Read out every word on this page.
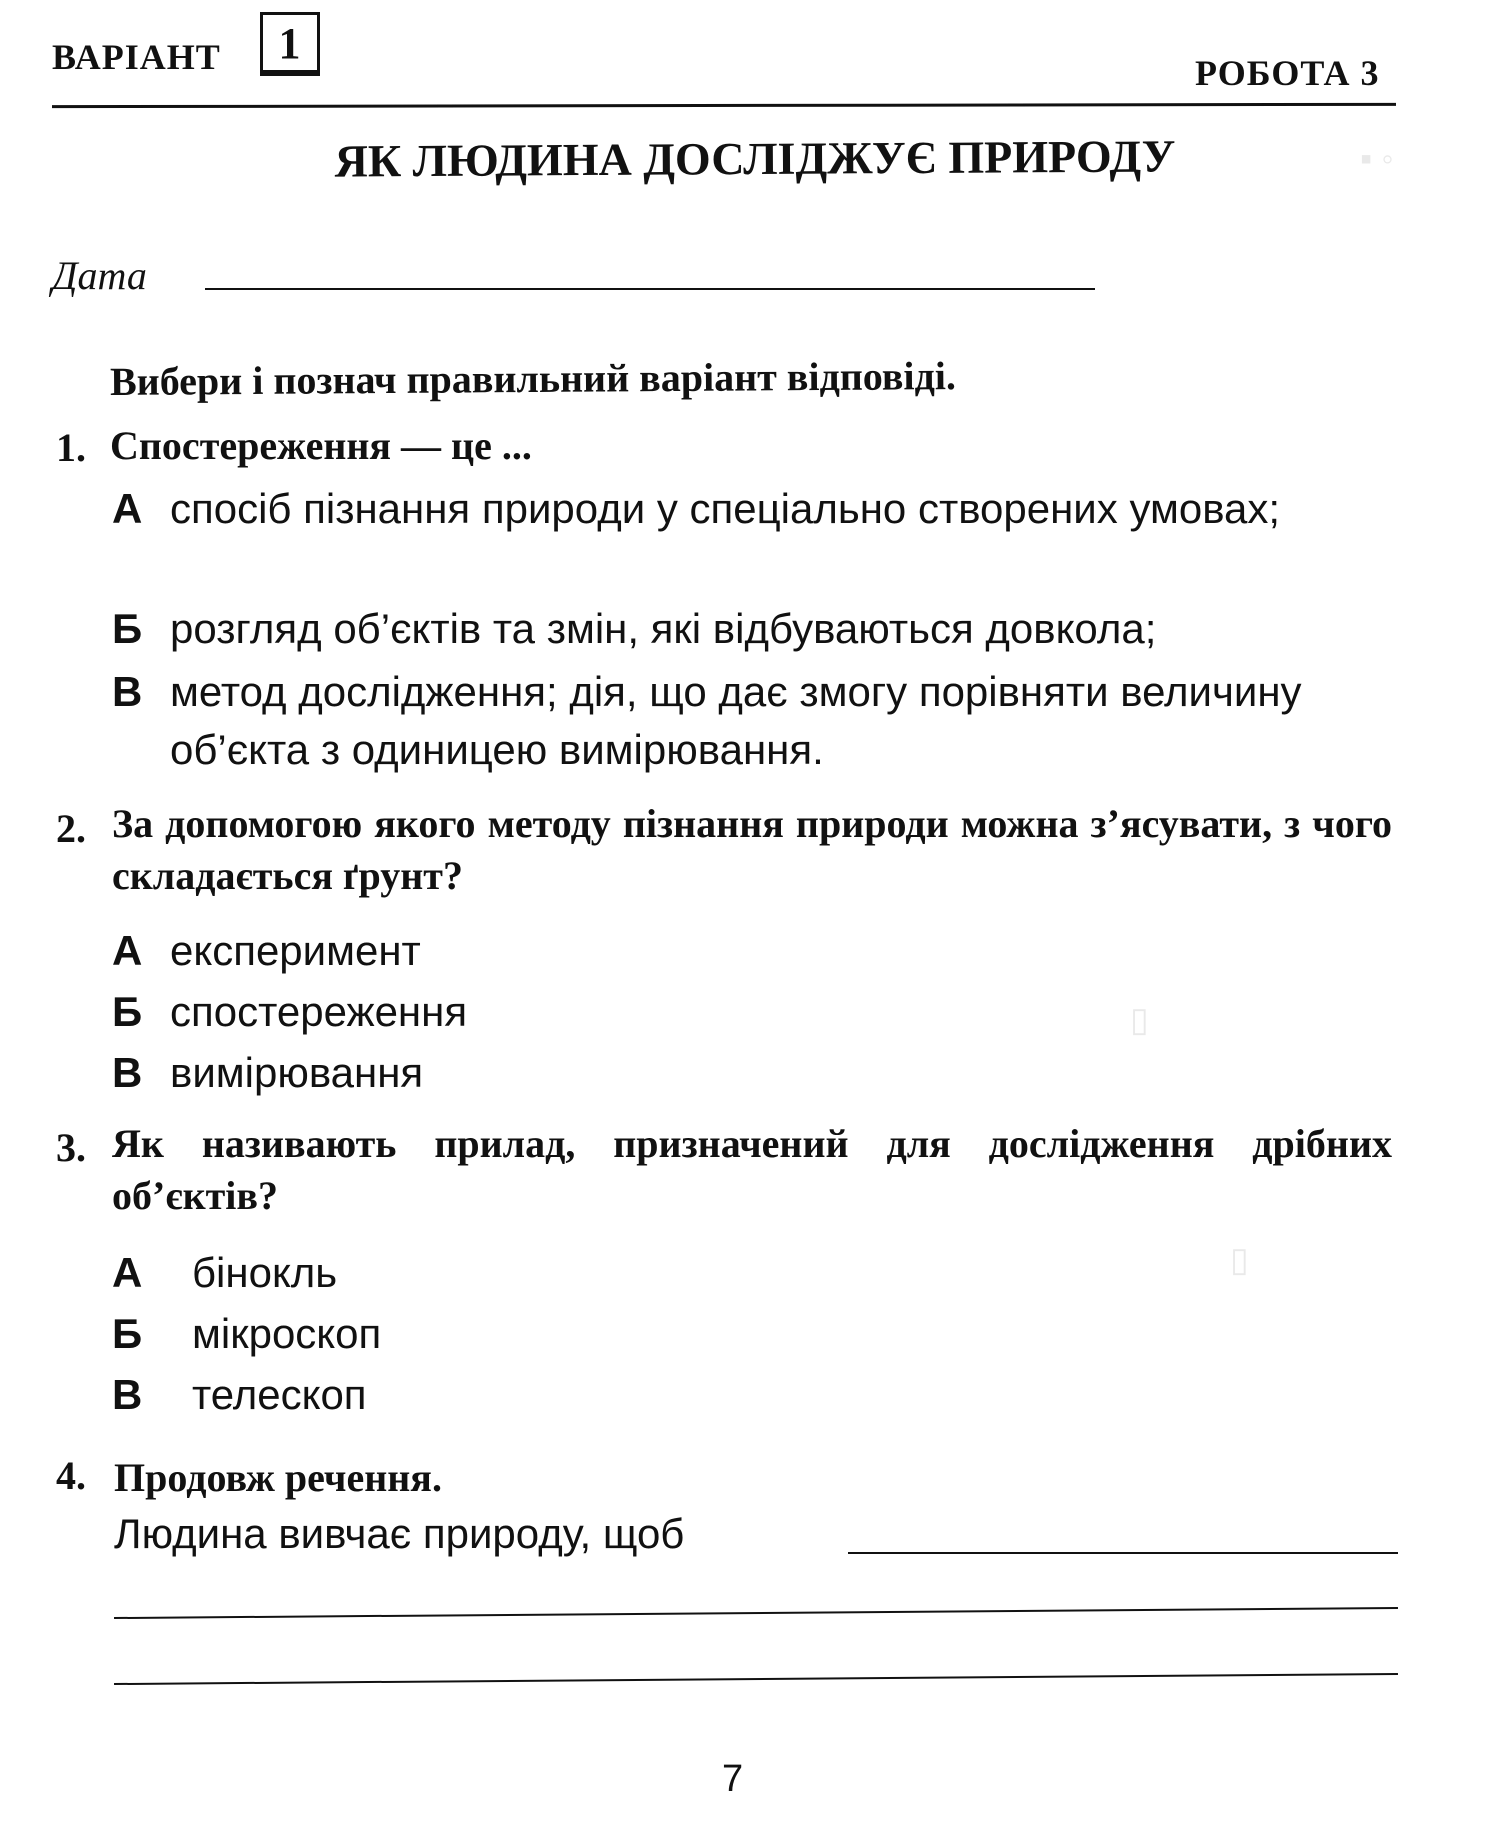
▪ ◦
▯
▯
ВАРІАНТ	1
РОБОТА 3
ЯК ЛЮДИНА ДОСЛІДЖУЄ ПРИРОДУ
Дата
Вибери і познач правильний варіант відповіді.
1. Спостереження — це ...
А спосіб пізнання природи у спеціально створених умовах;
Б розгляд об’єктів та змін, які відбуваються довкола;
В метод дослідження; дія, що дає змогу порівняти величину об’єкта з одиницею вимірювання.
2. За допомогою якого методу пізнання природи можна з’ясувати, з чого складається ґрунт?
А експеримент
Б спостереження
В вимірювання
3. Як називають прилад, призначений для дослідження дрібних об’єктів?
А бінокль
Б мікроскоп
В телескоп
4. Продовж речення.
Людина вивчає природу, щоб
7
